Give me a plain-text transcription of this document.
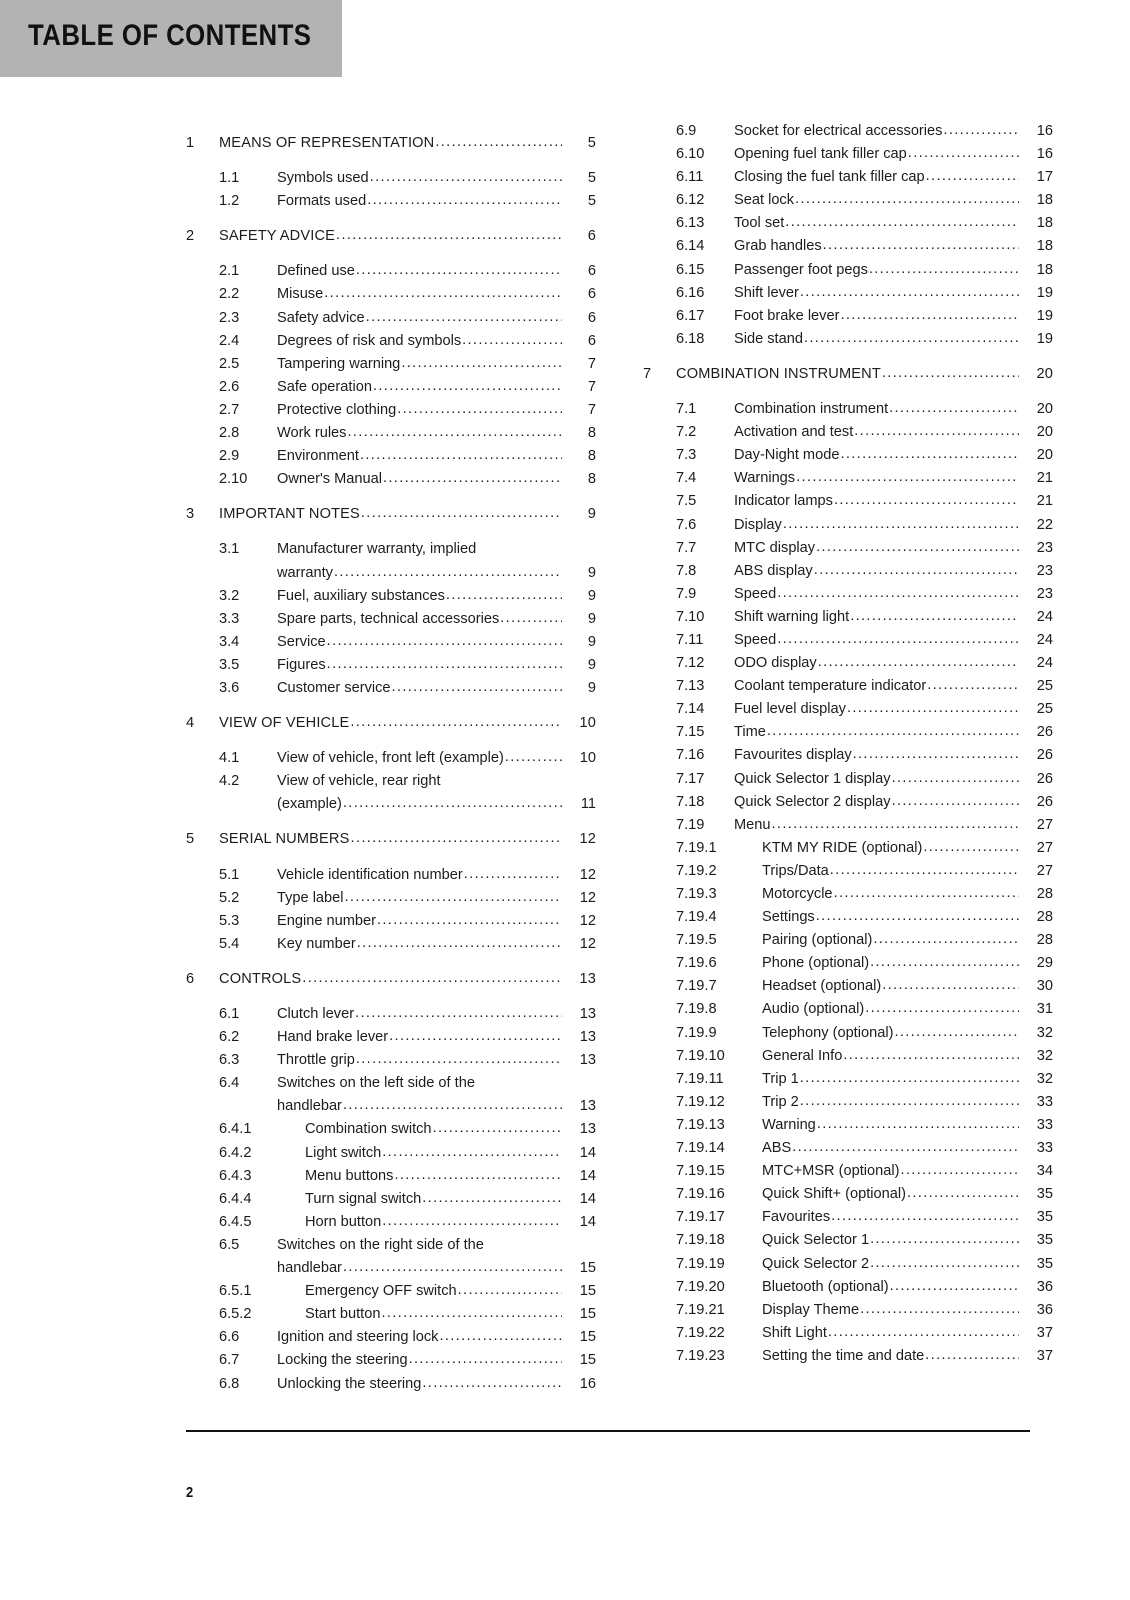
TABLE OF CONTENTS
1	MEANS OF REPRESENTATION .....	5
1.1	Symbols used .....	5
1.2	Formats used .....	5
2	SAFETY ADVICE .....	6
2.1	Defined use .....	6
2.2	Misuse .....	6
2.3	Safety advice .....	6
2.4	Degrees of risk and symbols .....	6
2.5	Tampering warning .....	7
2.6	Safe operation .....	7
2.7	Protective clothing .....	7
2.8	Work rules .....	8
2.9	Environment .....	8
2.10	Owner's Manual .....	8
3	IMPORTANT NOTES .....	9
3.1	Manufacturer warranty, implied
warranty .....	9
3.2	Fuel, auxiliary substances .....	9
3.3	Spare parts, technical accessories .....	9
3.4	Service .....	9
3.5	Figures .....	9
3.6	Customer service .....	9
4	VIEW OF VEHICLE .....	10
4.1	View of vehicle, front left (example) .....	10
4.2	View of vehicle, rear right
(example) .....	11
5	SERIAL NUMBERS .....	12
5.1	Vehicle identification number .....	12
5.2	Type label .....	12
5.3	Engine number .....	12
5.4	Key number .....	12
6	CONTROLS .....	13
6.1	Clutch lever .....	13
6.2	Hand brake lever .....	13
6.3	Throttle grip .....	13
6.4	Switches on the left side of the
handlebar .....	13
6.4.1	Combination switch .....	13
6.4.2	Light switch .....	14
6.4.3	Menu buttons .....	14
6.4.4	Turn signal switch .....	14
6.4.5	Horn button .....	14
6.5	Switches on the right side of the
handlebar .....	15
6.5.1	Emergency OFF switch .....	15
6.5.2	Start button .....	15
6.6	Ignition and steering lock .....	15
6.7	Locking the steering .....	15
6.8	Unlocking the steering .....	16
6.9	Socket for electrical accessories .....	16
6.10	Opening fuel tank filler cap .....	16
6.11	Closing the fuel tank filler cap .....	17
6.12	Seat lock .....	18
6.13	Tool set .....	18
6.14	Grab handles .....	18
6.15	Passenger foot pegs .....	18
6.16	Shift lever .....	19
6.17	Foot brake lever .....	19
6.18	Side stand .....	19
7	COMBINATION INSTRUMENT .....	20
7.1	Combination instrument .....	20
7.2	Activation and test .....	20
7.3	Day-Night mode .....	20
7.4	Warnings .....	21
7.5	Indicator lamps .....	21
7.6	Display .....	22
7.7	MTC display .....	23
7.8	ABS display .....	23
7.9	Speed .....	23
7.10	Shift warning light .....	24
7.11	Speed .....	24
7.12	ODO display .....	24
7.13	Coolant temperature indicator .....	25
7.14	Fuel level display .....	25
7.15	Time .....	26
7.16	Favourites display .....	26
7.17	Quick Selector 1 display .....	26
7.18	Quick Selector 2 display .....	26
7.19	Menu .....	27
7.19.1	KTM MY RIDE (optional) .....	27
7.19.2	Trips/Data .....	27
7.19.3	Motorcycle .....	28
7.19.4	Settings .....	28
7.19.5	Pairing (optional) .....	28
7.19.6	Phone (optional) .....	29
7.19.7	Headset (optional) .....	30
7.19.8	Audio (optional) .....	31
7.19.9	Telephony (optional) .....	32
7.19.10	General Info .....	32
7.19.11	Trip 1 .....	32
7.19.12	Trip 2 .....	33
7.19.13	Warning .....	33
7.19.14	ABS .....	33
7.19.15	MTC+MSR (optional) .....	34
7.19.16	Quick Shift+ (optional) .....	35
7.19.17	Favourites .....	35
7.19.18	Quick Selector 1 .....	35
7.19.19	Quick Selector 2 .....	35
7.19.20	Bluetooth (optional) .....	36
7.19.21	Display Theme .....	36
7.19.22	Shift Light .....	37
7.19.23	Setting the time and date .....	37
2
